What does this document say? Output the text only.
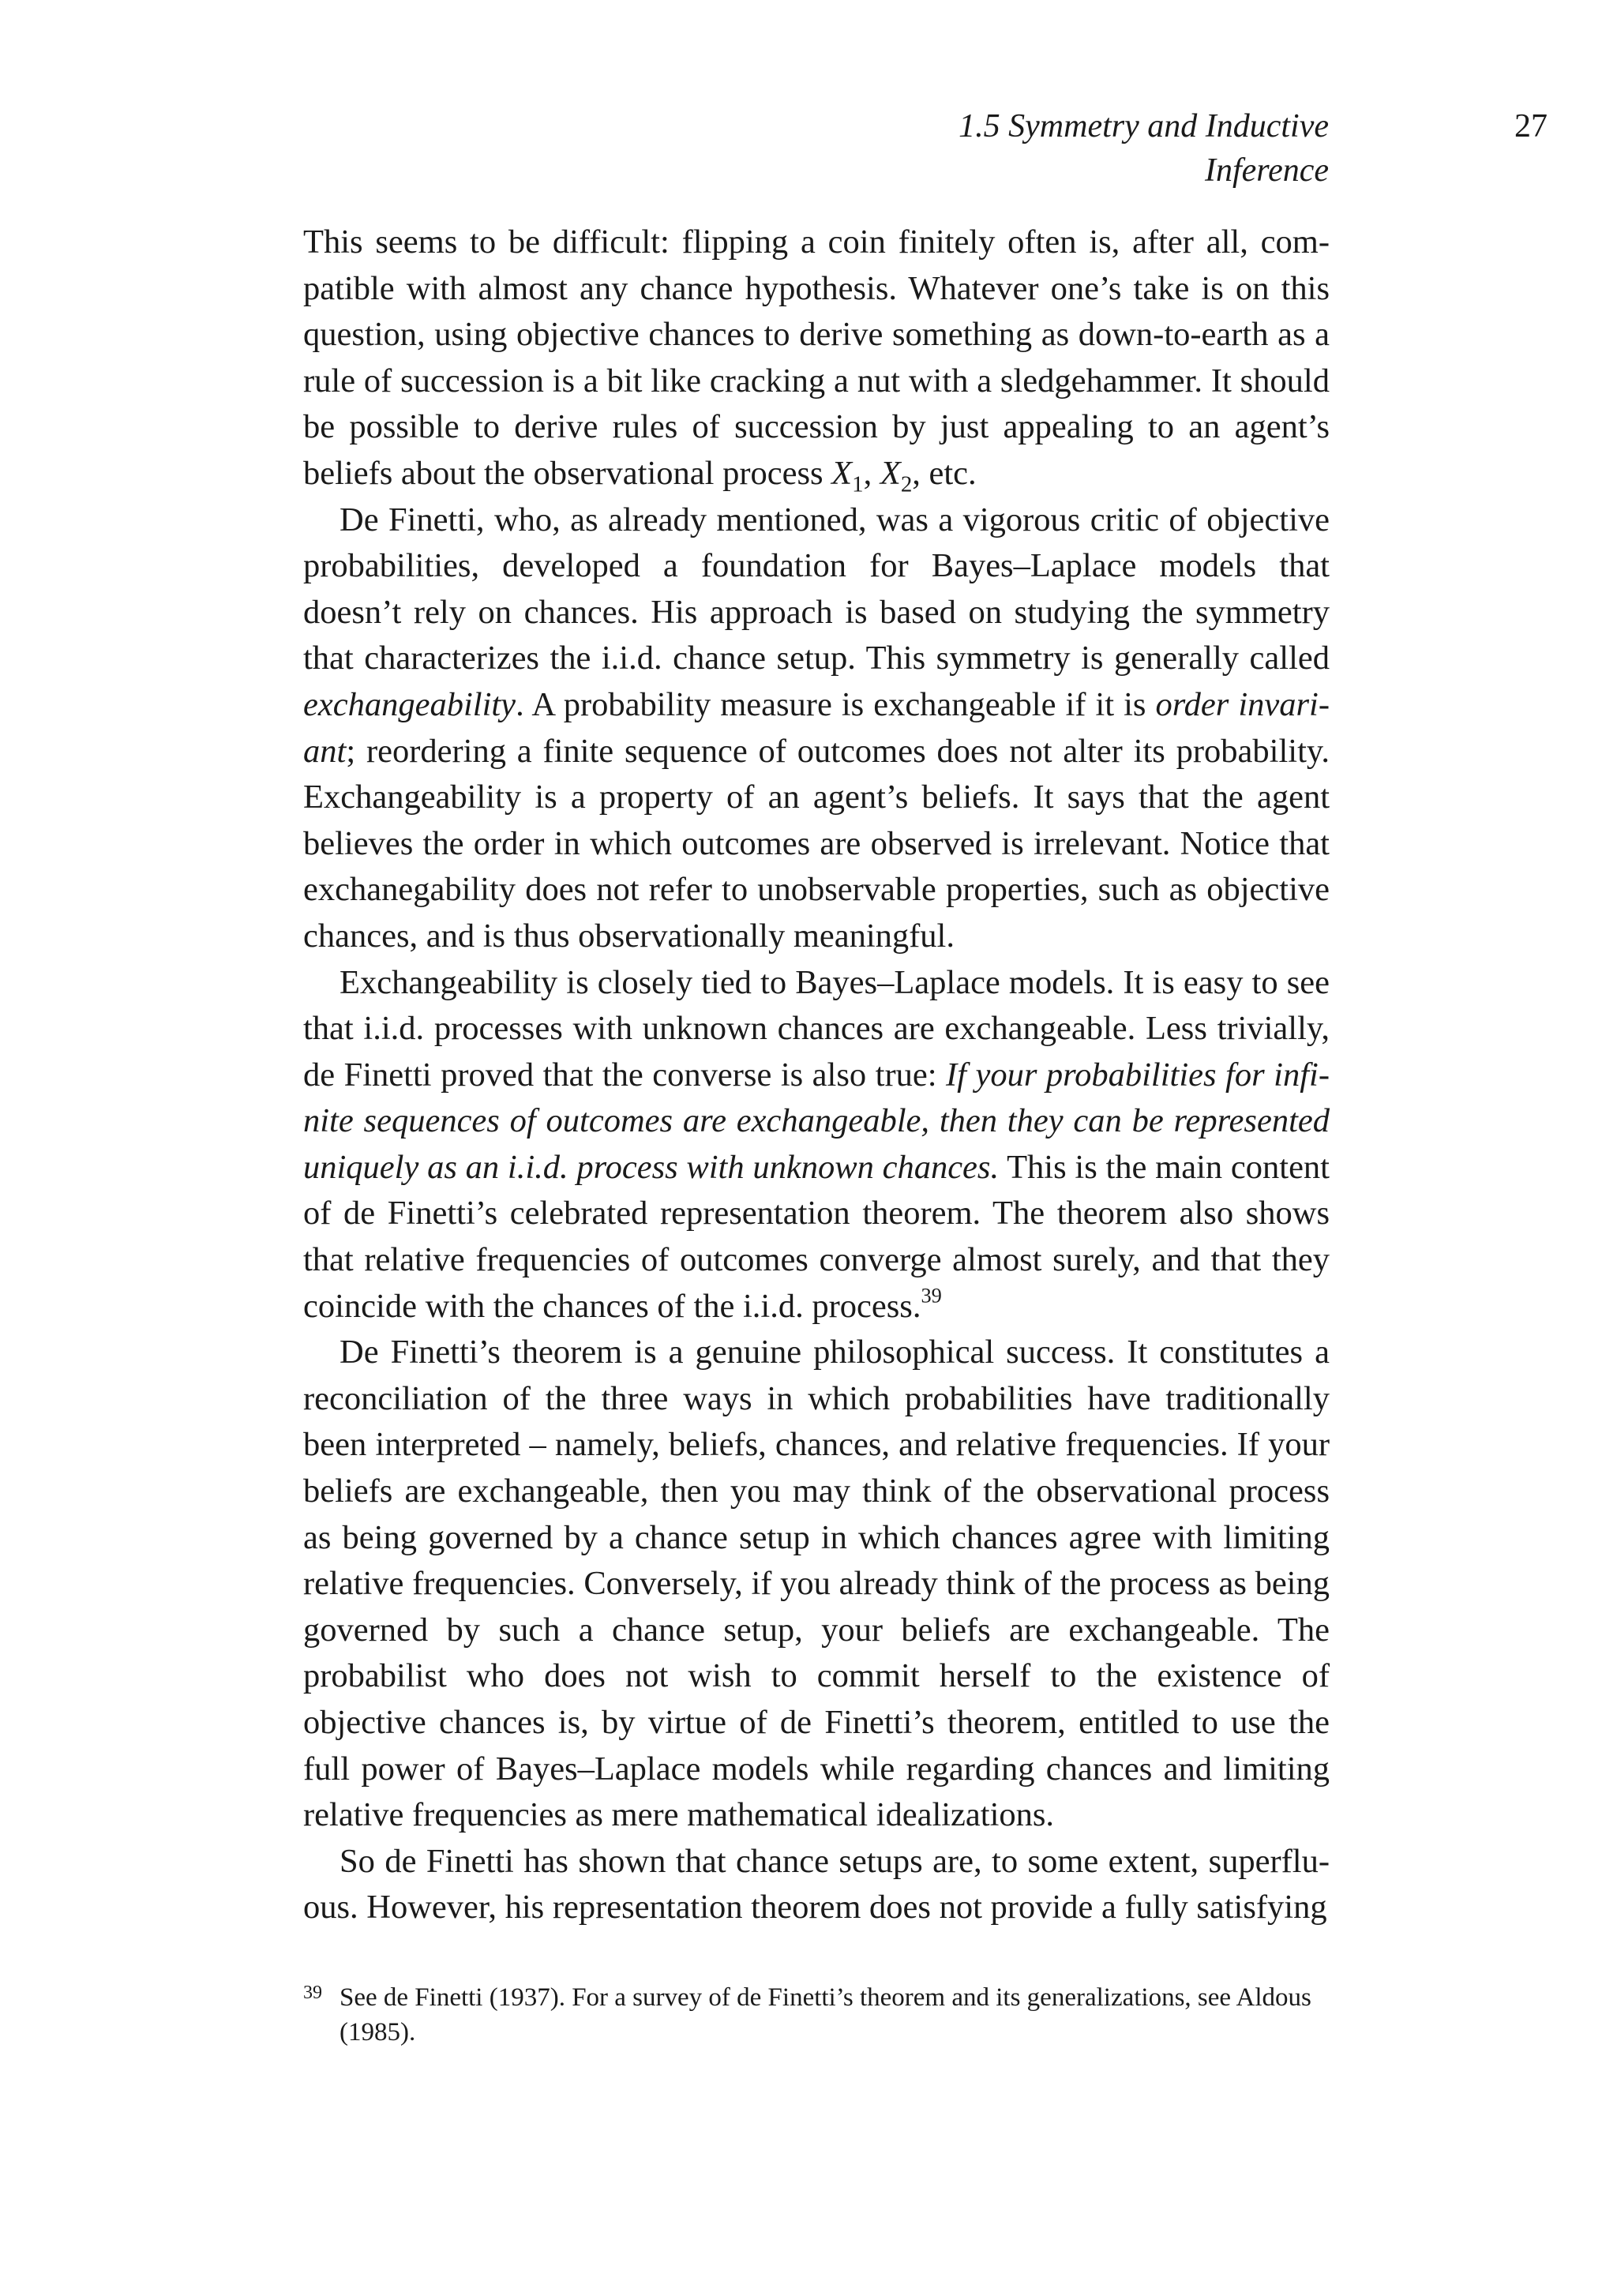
1.5 Symmetry and Inductive Inference
27

This seems to be difficult: flipping a coin finitely often is, after all, compatible with almost any chance hypothesis. Whatever one’s take is on this question, using objective chances to derive something as down-to-earth as a rule of succession is a bit like cracking a nut with a sledgehammer. It should be possible to derive rules of succession by just appealing to an agent’s beliefs about the observational process $X_1$, $X_2$, etc.

De Finetti, who, as already mentioned, was a vigorous critic of objective probabilities, developed a foundation for Bayes–Laplace models that doesn’t rely on chances. His approach is based on studying the symmetry that characterizes the i.i.d. chance setup. This symmetry is generally called exchangeability. A probability measure is exchangeable if it is order invariant; reordering a finite sequence of outcomes does not alter its probability. Exchangeability is a property of an agent’s beliefs. It says that the agent believes the order in which outcomes are observed is irrelevant. Notice that exchanegability does not refer to unobservable properties, such as objective chances, and is thus observationally meaningful.

Exchangeability is closely tied to Bayes–Laplace models. It is easy to see that i.i.d. processes with unknown chances are exchangeable. Less trivially, de Finetti proved that the converse is also true: If your probabilities for infinite sequences of outcomes are exchangeable, then they can be represented uniquely as an i.i.d. process with unknown chances. This is the main content of de Finetti’s celebrated representation theorem. The theorem also shows that relative frequencies of outcomes converge almost surely, and that they coincide with the chances of the i.i.d. process.$^{39}$

De Finetti’s theorem is a genuine philosophical success. It constitutes a reconciliation of the three ways in which probabilities have traditionally been interpreted – namely, beliefs, chances, and relative frequencies. If your beliefs are exchangeable, then you may think of the observational process as being governed by a chance setup in which chances agree with limiting relative frequencies. Conversely, if you already think of the process as being governed by such a chance setup, your beliefs are exchangeable. The probabilist who does not wish to commit herself to the existence of objective chances is, by virtue of de Finetti’s theorem, entitled to use the full power of Bayes–Laplace models while regarding chances and limiting relative frequencies as mere mathematical idealizations.

So de Finetti has shown that chance setups are, to some extent, superfluous. However, his representation theorem does not provide a fully satisfying

39 See de Finetti (1937). For a survey of de Finetti’s theorem and its generalizations, see Aldous (1985).
